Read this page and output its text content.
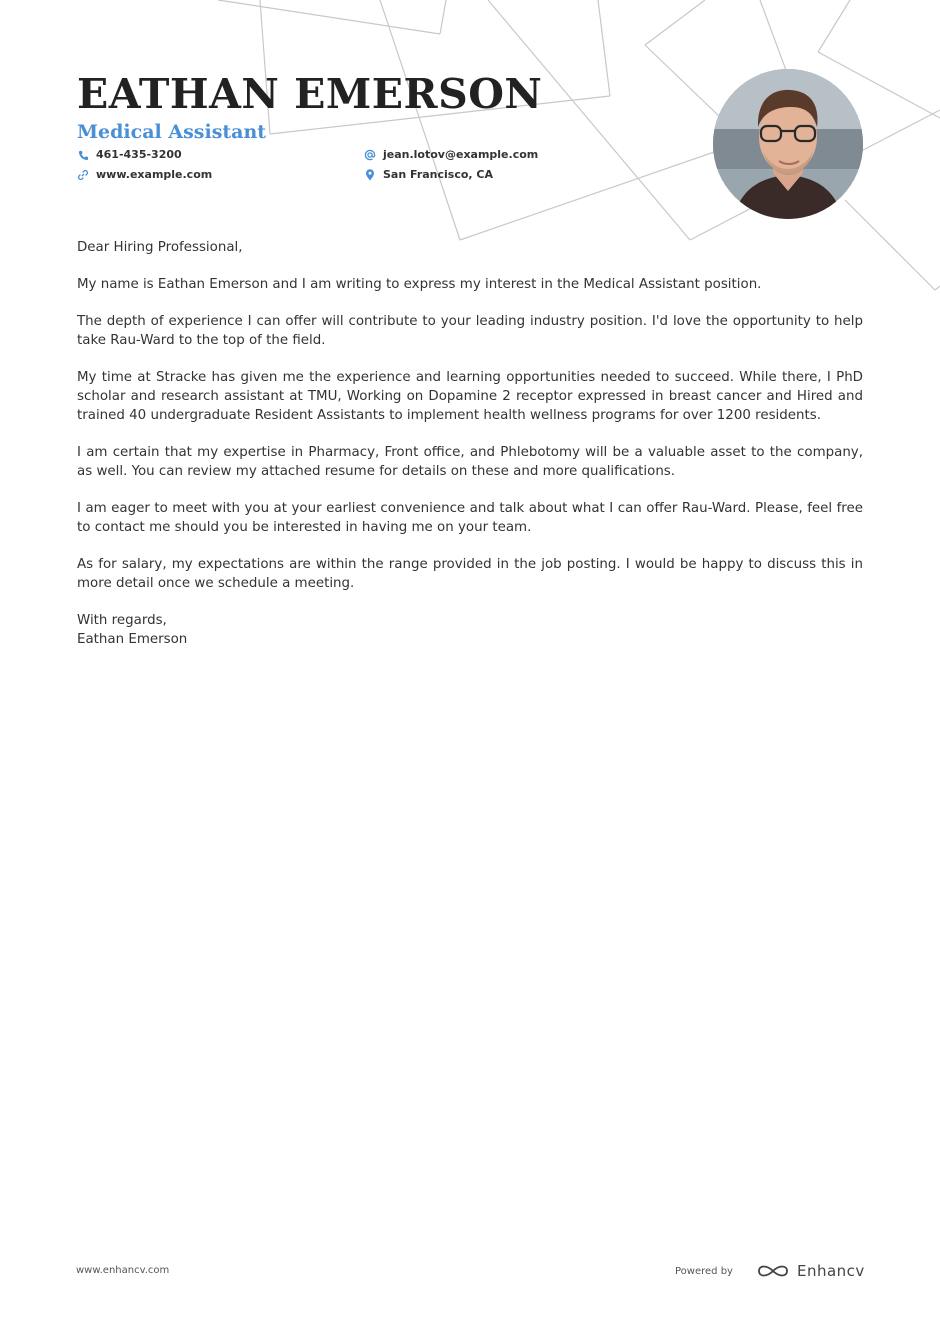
EATHAN EMERSON
Medical Assistant
461-435-3200	jean.lotov@example.com
www.example.com	San Francisco, CA

Dear Hiring Professional,

My name is Eathan Emerson and I am writing to express my interest in the Medical Assistant position.

The depth of experience I can offer will contribute to your leading industry position. I'd love the opportunity to help take Rau-Ward to the top of the field.

My time at Stracke has given me the experience and learning opportunities needed to succeed. While there, I PhD scholar and research assistant at TMU, Working on Dopamine 2 receptor expressed in breast cancer and Hired and trained 40 undergraduate Resident Assistants to implement health wellness programs for over 1200 residents.

I am certain that my expertise in Pharmacy, Front office, and Phlebotomy will be a valuable asset to the company, as well. You can review my attached resume for details on these and more qualifications.

I am eager to meet with you at your earliest convenience and talk about what I can offer Rau-Ward. Please, feel free to contact me should you be interested in having me on your team.

As for salary, my expectations are within the range provided in the job posting. I would be happy to discuss this in more detail once we schedule a meeting.

With regards,

Eathan Emerson

www.enhancv.com	Powered by	Enhancv
